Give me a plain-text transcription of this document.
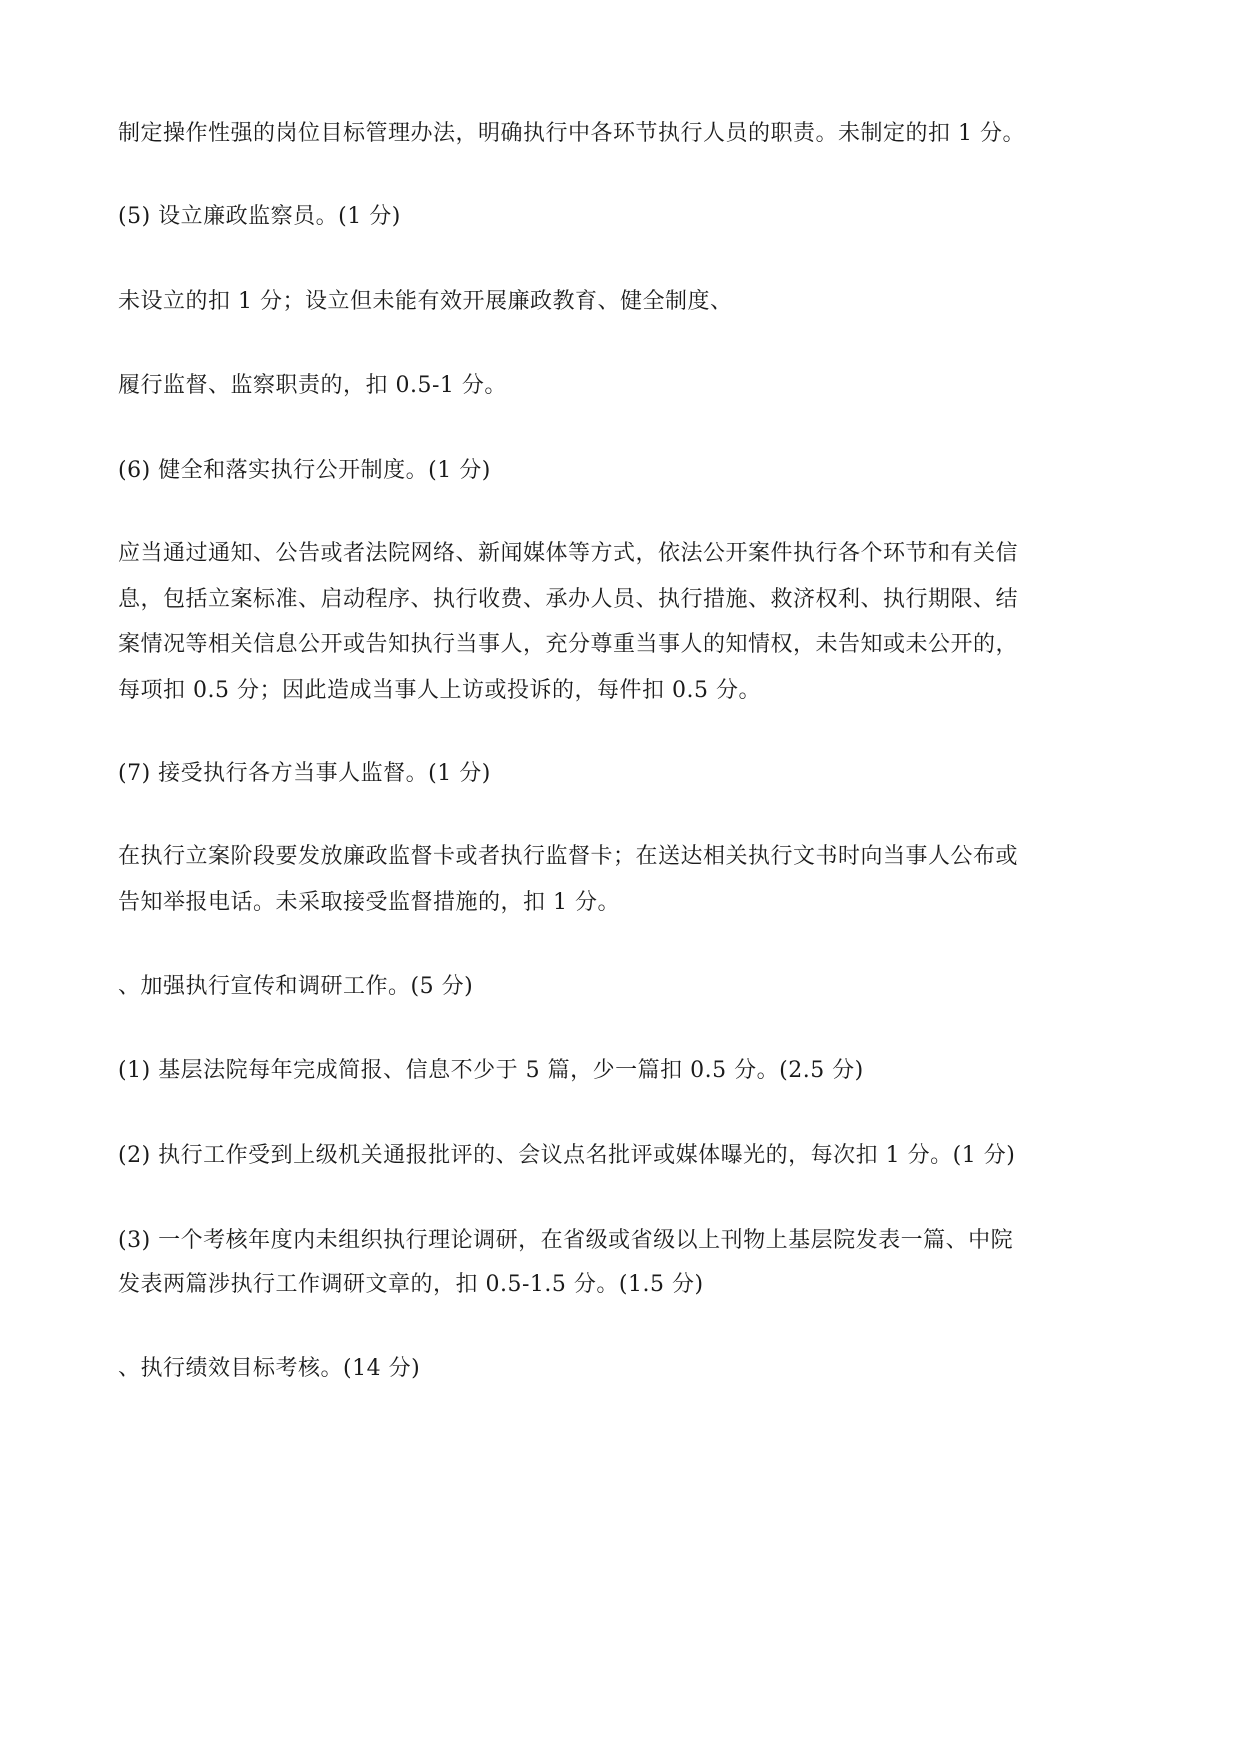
制定操作性强的岗位目标管理办法，明确执行中各环节执行人员的职责。未制定的扣 1 分。
(5) 设立廉政监察员。(1 分)
未设立的扣 1 分；设立但未能有效开展廉政教育、健全制度、
履行监督、监察职责的，扣 0.5-1 分。
(6) 健全和落实执行公开制度。(1 分)
应当通过通知、公告或者法院网络、新闻媒体等方式，依法公开案件执行各个环节和有关信
息，包括立案标准、启动程序、执行收费、承办人员、执行措施、救济权利、执行期限、结
案情况等相关信息公开或告知执行当事人，充分尊重当事人的知情权，未告知或未公开的，
每项扣 0.5 分；因此造成当事人上访或投诉的，每件扣 0.5 分。
(7) 接受执行各方当事人监督。(1 分)
在执行立案阶段要发放廉政监督卡或者执行监督卡；在送达相关执行文书时向当事人公布或
告知举报电话。未采取接受监督措施的，扣 1 分。
、加强执行宣传和调研工作。(5 分)
(1) 基层法院每年完成简报、信息不少于 5 篇，少一篇扣 0.5 分。(2.5 分)
(2) 执行工作受到上级机关通报批评的、会议点名批评或媒体曝光的，每次扣 1 分。(1 分)
(3) 一个考核年度内未组织执行理论调研，在省级或省级以上刊物上基层院发表一篇、中院
发表两篇涉执行工作调研文章的，扣 0.5-1.5 分。(1.5 分)
、执行绩效目标考核。(14 分)
